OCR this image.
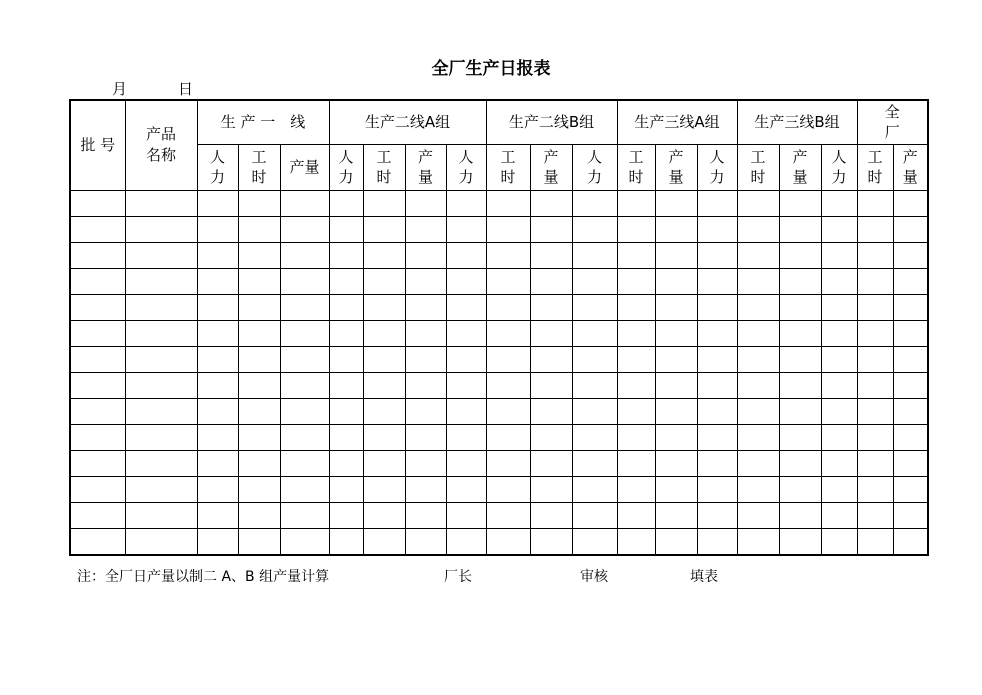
全厂生产日报表
月	日
批 号	产品名称	生 产 一　线			生产二线A组				生产二线B组			生产三线A组			生产三线B组			全厂	
		人力	工时	产量	人力	工时	产量	人力	工时	产量	人力	工时	产量	人力	工时	产量	人力	工时	产量

注：全厂日产量以制二 A、B 组产量计算	厂长	审核	填表
